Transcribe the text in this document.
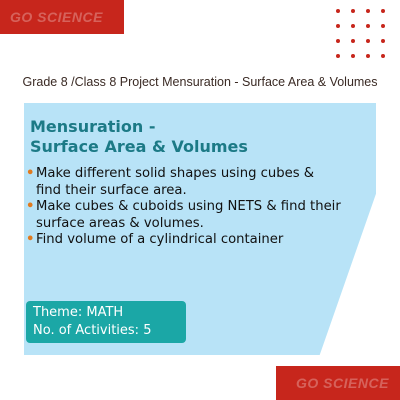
GO SCIENCE
Grade 8 /Class 8 Project Mensuration - Surface Area & Volumes
Mensuration -
Surface Area & Volumes
• Make different solid shapes using cubes &
find their surface area.
• Make cubes & cuboids using NETS & find their
surface areas & volumes.
• Find volume of a cylindrical container
Theme: MATH
No. of Activities: 5
GO SCIENCE
